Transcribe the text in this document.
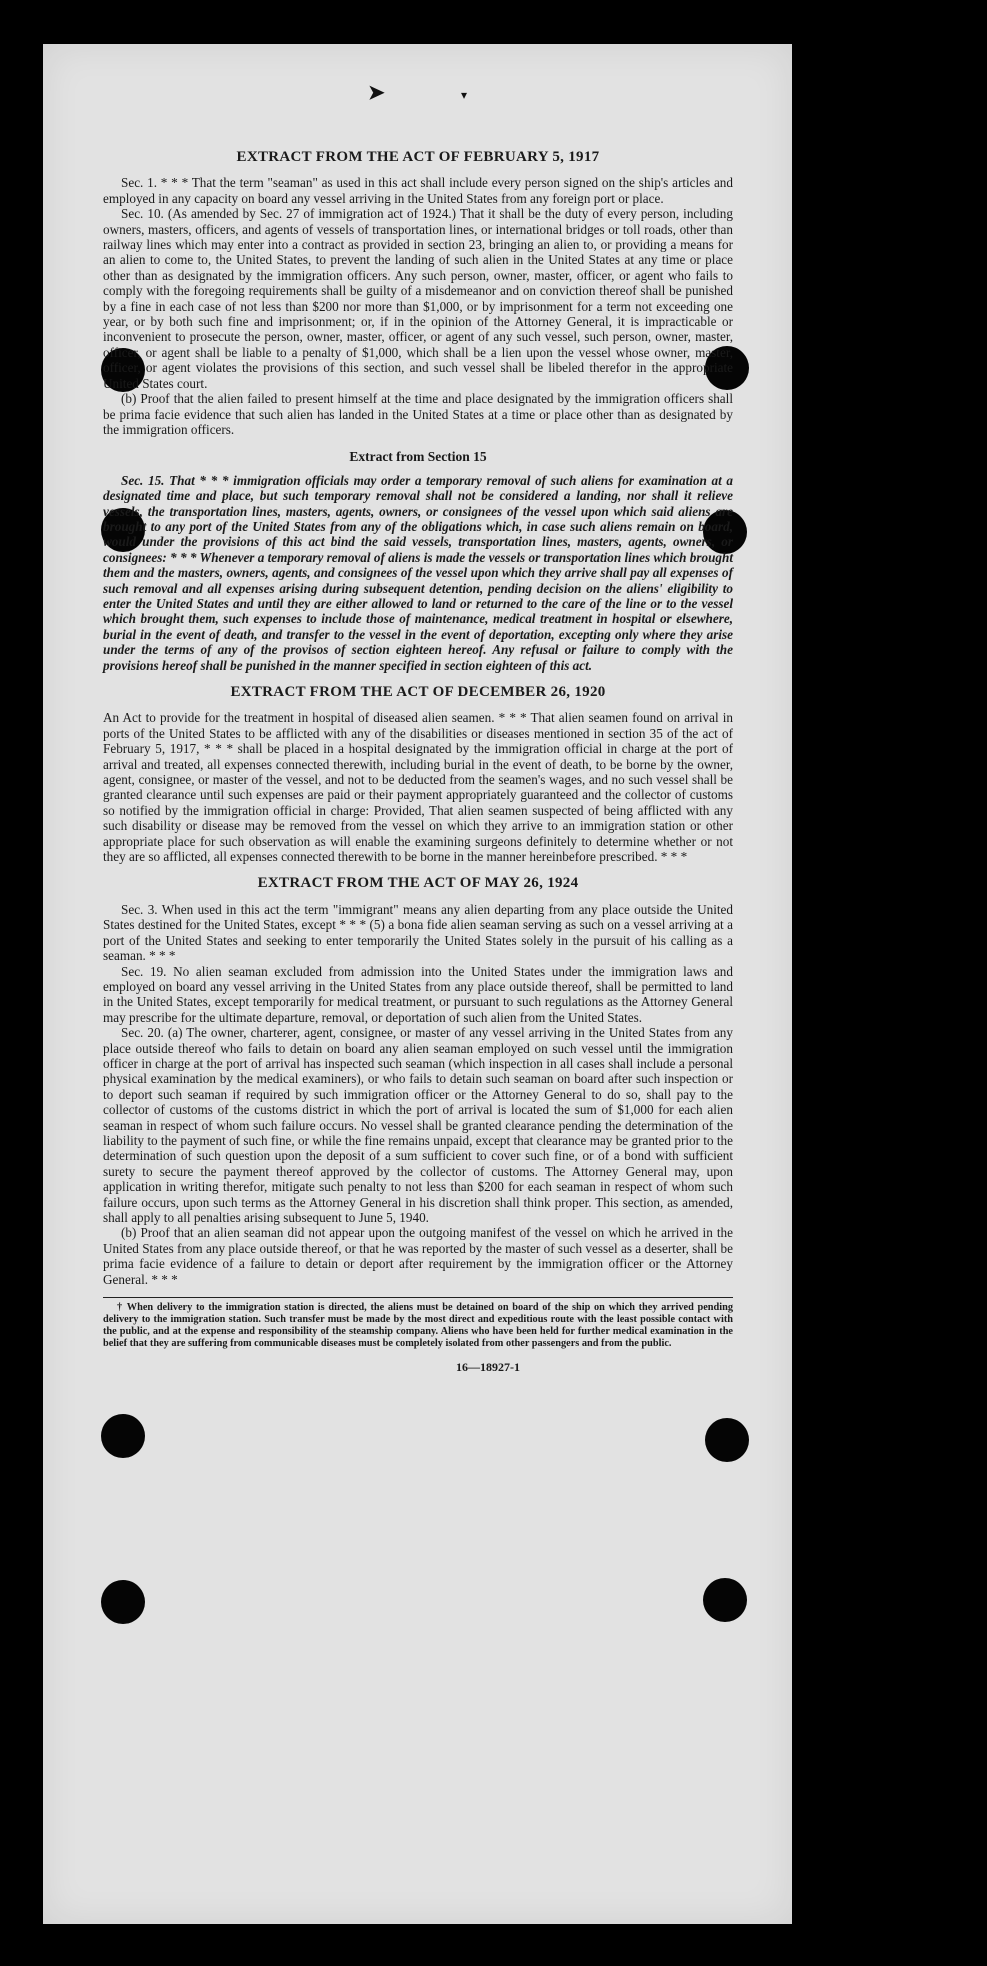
➤	▾
EXTRACT FROM THE ACT OF FEBRUARY 5, 1917

Sec. 1. * * * That the term "seaman" as used in this act shall include every person signed on the ship's articles and employed in any capacity on board any vessel arriving in the United States from any foreign port or place.

Sec. 10. (As amended by Sec. 27 of immigration act of 1924.) That it shall be the duty of every person, including owners, masters, officers, and agents of vessels of transportation lines, or international bridges or toll roads, other than railway lines which may enter into a contract as provided in section 23, bringing an alien to, or providing a means for an alien to come to, the United States, to prevent the landing of such alien in the United States at any time or place other than as designated by the immigration officers. Any such person, owner, master, officer, or agent who fails to comply with the foregoing requirements shall be guilty of a misdemeanor and on conviction thereof shall be punished by a fine in each case of not less than $200 nor more than $1,000, or by imprisonment for a term not exceeding one year, or by both such fine and imprisonment; or, if in the opinion of the Attorney General, it is impracticable or inconvenient to prosecute the person, owner, master, officer, or agent of any such vessel, such person, owner, master, officer, or agent shall be liable to a penalty of $1,000, which shall be a lien upon the vessel whose owner, master, officer, or agent violates the provisions of this section, and such vessel shall be libeled therefor in the appropriate United States court.

(b) Proof that the alien failed to present himself at the time and place designated by the immigration officers shall be prima facie evidence that such alien has landed in the United States at a time or place other than as designated by the immigration officers.

Extract from Section 15

Sec. 15. That * * * immigration officials may order a temporary removal of such aliens for examination at a designated time and place, but such temporary removal shall not be considered a landing, nor shall it relieve vessels, the transportation lines, masters, agents, owners, or consignees of the vessel upon which said aliens are brought to any port of the United States from any of the obligations which, in case such aliens remain on board, would under the provisions of this act bind the said vessels, transportation lines, masters, agents, owners, or consignees: * * * Whenever a temporary removal of aliens is made the vessels or transportation lines which brought them and the masters, owners, agents, and consignees of the vessel upon which they arrive shall pay all expenses of such removal and all expenses arising during subsequent detention, pending decision on the aliens' eligibility to enter the United States and until they are either allowed to land or returned to the care of the line or to the vessel which brought them, such expenses to include those of maintenance, medical treatment in hospital or elsewhere, burial in the event of death, and transfer to the vessel in the event of deportation, excepting only where they arise under the terms of any of the provisos of section eighteen hereof. Any refusal or failure to comply with the provisions hereof shall be punished in the manner specified in section eighteen of this act.

EXTRACT FROM THE ACT OF DECEMBER 26, 1920

An Act to provide for the treatment in hospital of diseased alien seamen. * * * That alien seamen found on arrival in ports of the United States to be afflicted with any of the disabilities or diseases mentioned in section 35 of the act of February 5, 1917, * * * shall be placed in a hospital designated by the immigration official in charge at the port of arrival and treated, all expenses connected therewith, including burial in the event of death, to be borne by the owner, agent, consignee, or master of the vessel, and not to be deducted from the seamen's wages, and no such vessel shall be granted clearance until such expenses are paid or their payment appropriately guaranteed and the collector of customs so notified by the immigration official in charge: Provided, That alien seamen suspected of being afflicted with any such disability or disease may be removed from the vessel on which they arrive to an immigration station or other appropriate place for such observation as will enable the examining surgeons definitely to determine whether or not they are so afflicted, all expenses connected therewith to be borne in the manner hereinbefore prescribed. * * *

EXTRACT FROM THE ACT OF MAY 26, 1924

Sec. 3. When used in this act the term "immigrant" means any alien departing from any place outside the United States destined for the United States, except * * * (5) a bona fide alien seaman serving as such on a vessel arriving at a port of the United States and seeking to enter temporarily the United States solely in the pursuit of his calling as a seaman. * * *

Sec. 19. No alien seaman excluded from admission into the United States under the immigration laws and employed on board any vessel arriving in the United States from any place outside thereof, shall be permitted to land in the United States, except temporarily for medical treatment, or pursuant to such regulations as the Attorney General may prescribe for the ultimate departure, removal, or deportation of such alien from the United States.

Sec. 20. (a) The owner, charterer, agent, consignee, or master of any vessel arriving in the United States from any place outside thereof who fails to detain on board any alien seaman employed on such vessel until the immigration officer in charge at the port of arrival has inspected such seaman (which inspection in all cases shall include a personal physical examination by the medical examiners), or who fails to detain such seaman on board after such inspection or to deport such seaman if required by such immigration officer or the Attorney General to do so, shall pay to the collector of customs of the customs district in which the port of arrival is located the sum of $1,000 for each alien seaman in respect of whom such failure occurs. No vessel shall be granted clearance pending the determination of the liability to the payment of such fine, or while the fine remains unpaid, except that clearance may be granted prior to the determination of such question upon the deposit of a sum sufficient to cover such fine, or of a bond with sufficient surety to secure the payment thereof approved by the collector of customs. The Attorney General may, upon application in writing therefor, mitigate such penalty to not less than $200 for each seaman in respect of whom such failure occurs, upon such terms as the Attorney General in his discretion shall think proper. This section, as amended, shall apply to all penalties arising subsequent to June 5, 1940.

(b) Proof that an alien seaman did not appear upon the outgoing manifest of the vessel on which he arrived in the United States from any place outside thereof, or that he was reported by the master of such vessel as a deserter, shall be prima facie evidence of a failure to detain or deport after requirement by the immigration officer or the Attorney General. * * *

† When delivery to the immigration station is directed, the aliens must be detained on board of the ship on which they arrived pending delivery to the immigration station. Such transfer must be made by the most direct and expeditious route with the least possible contact with the public, and at the expense and responsibility of the steamship company. Aliens who have been held for further medical examination in the belief that they are suffering from communicable diseases must be completely isolated from other passengers and from the public.

16—18927-1
